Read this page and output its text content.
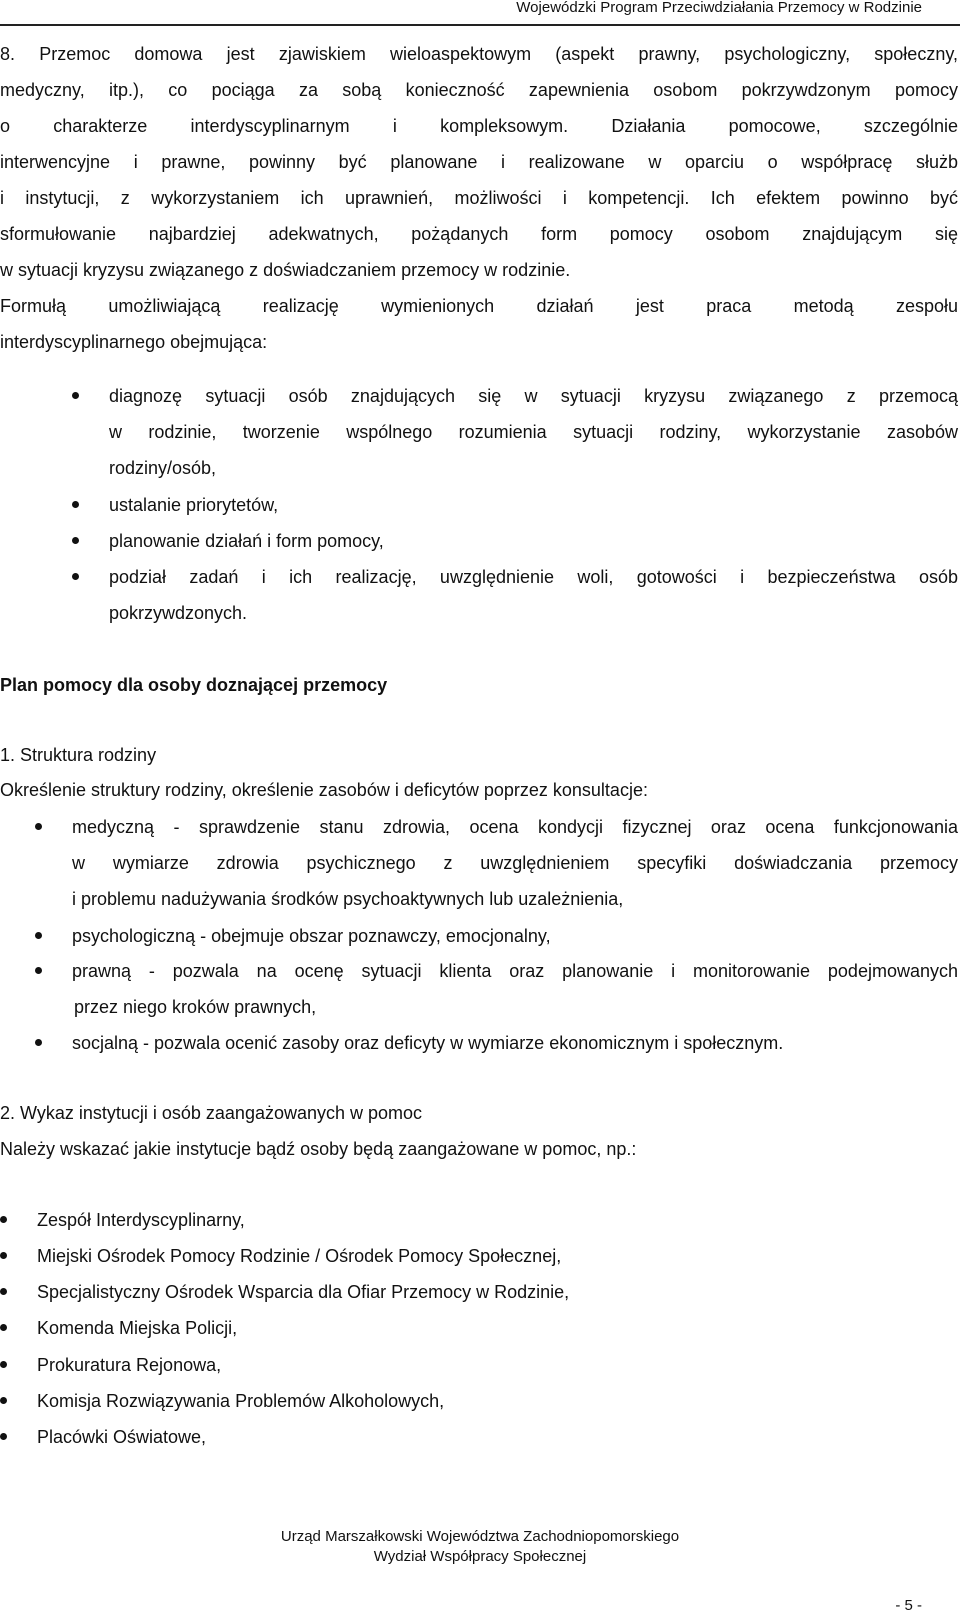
Wojewódzki Program Przeciwdziałania Przemocy w Rodzinie
8. Przemoc domowa jest zjawiskiem wieloaspektowym (aspekt prawny, psychologiczny, społeczny,
medyczny, itp.), co pociąga za sobą konieczność zapewnienia osobom pokrzywdzonym pomocy
o charakterze interdyscyplinarnym i kompleksowym. Działania pomocowe, szczególnie
interwencyjne i prawne, powinny być planowane i realizowane w oparciu o współpracę służb
i instytucji, z wykorzystaniem ich uprawnień, możliwości i kompetencji. Ich efektem powinno być
sformułowanie najbardziej adekwatnych, pożądanych form pomocy osobom znajdującym się
w sytuacji kryzysu związanego z doświadczaniem przemocy w rodzinie.
Formułą umożliwiającą realizację wymienionych działań jest praca metodą zespołu
interdyscyplinarnego obejmująca:
diagnozę sytuacji osób znajdujących się w sytuacji kryzysu związanego z przemocą
w rodzinie, tworzenie wspólnego rozumienia sytuacji rodziny, wykorzystanie zasobów
rodziny/osób,
ustalanie priorytetów,
planowanie działań i form pomocy,
podział zadań i ich realizację, uwzględnienie woli, gotowości i bezpieczeństwa osób
pokrzywdzonych.
Plan pomocy dla osoby doznającej przemocy
1. Struktura rodziny
Określenie struktury rodziny, określenie zasobów i deficytów poprzez konsultacje:
medyczną - sprawdzenie stanu zdrowia, ocena kondycji fizycznej oraz ocena funkcjonowania
w wymiarze zdrowia psychicznego z uwzględnieniem specyfiki doświadczania przemocy
i problemu nadużywania środków psychoaktywnych lub uzależnienia,
psychologiczną - obejmuje obszar poznawczy, emocjonalny,
prawną - pozwala na ocenę sytuacji klienta oraz planowanie i monitorowanie podejmowanych
przez niego kroków prawnych,
socjalną - pozwala ocenić zasoby oraz deficyty w wymiarze ekonomicznym i społecznym.
2. Wykaz instytucji i osób zaangażowanych w pomoc
Należy wskazać jakie instytucje bądź osoby będą zaangażowane w pomoc, np.:
Zespół Interdyscyplinarny,
Miejski Ośrodek Pomocy Rodzinie / Ośrodek Pomocy Społecznej,
Specjalistyczny Ośrodek Wsparcia dla Ofiar Przemocy w Rodzinie,
Komenda Miejska Policji,
Prokuratura Rejonowa,
Komisja Rozwiązywania Problemów Alkoholowych,
Placówki Oświatowe,
Urząd Marszałkowski Województwa Zachodniopomorskiego
Wydział Współpracy Społecznej
- 5 -
